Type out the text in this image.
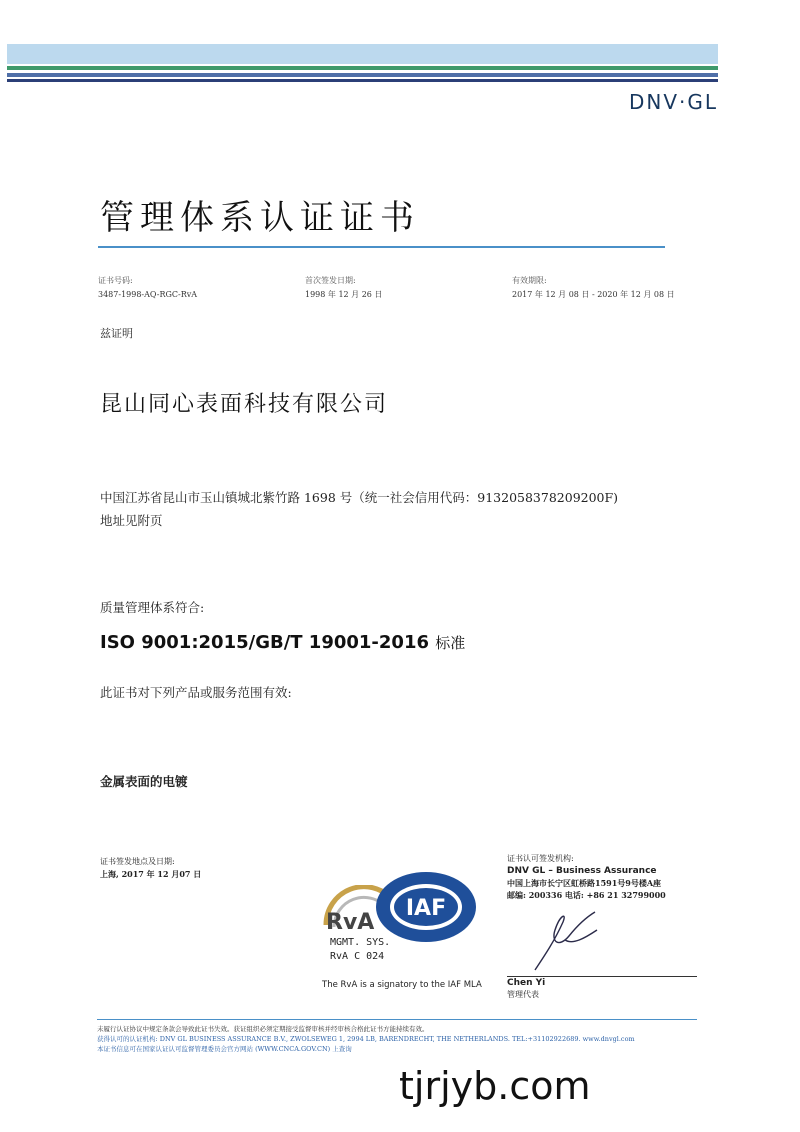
DNV·GL
管理体系认证证书
证书号码:
3487-1998-AQ-RGC-RvA
首次签发日期:
1998 年 12 月 26 日
有效期限:
2017 年 12 月 08 日 - 2020 年 12 月 08 日
兹证明
昆山同心表面科技有限公司
中国江苏省昆山市玉山镇城北紫竹路 1698 号（统一社会信用代码：9132058378209200F)
地址见附页
质量管理体系符合:
ISO 9001:2015/GB/T 19001-2016 标准
此证书对下列产品或服务范围有效:
金属表面的电镀
证书签发地点及日期:
上海, 2017 年 12 月07 日
证书认可签发机构:
DNV GL – Business Assurance
中国上海市长宁区虹桥路1591号9号楼A座
邮编: 200336 电话: +86 21 32799000
Chen Yi
管理代表
RvA
MGMT. SYS.
RvA C 024
IAF
The RvA is a signatory to the IAF MLA
未履行认证协议中规定条款会导致此证书失效。获证组织必须定期接受监督审核并经审核合格此证书方能持续有效。
获得认可的认证机构: DNV GL BUSINESS ASSURANCE B.V., ZWOLSEWEG 1, 2994 LB, BARENDRECHT, THE NETHERLANDS. TEL:+31102922689. www.dnvgl.com
本证书信息可在国家认证认可监督管理委员会官方网站 (WWW.CNCA.GOV.CN) 上查询
tjrjyb.com
